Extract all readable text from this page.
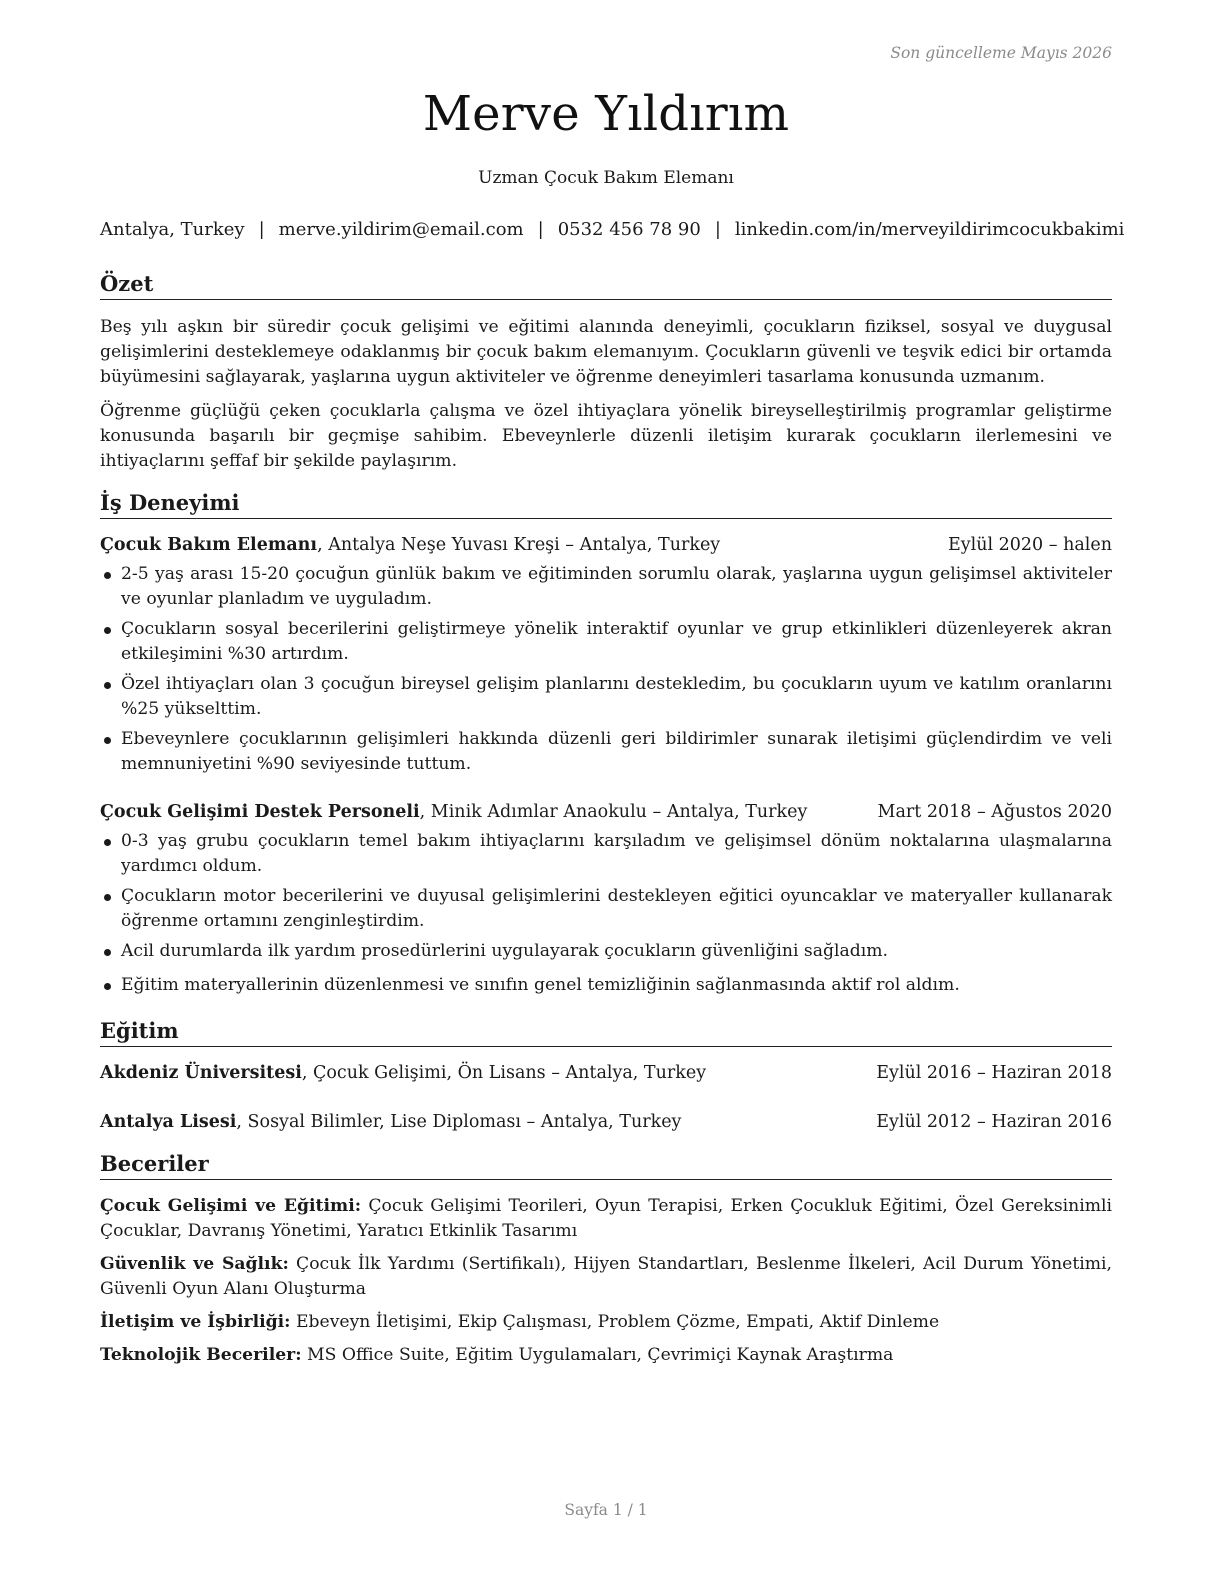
Son güncelleme Mayıs 2026
Merve Yıldırım
Uzman Çocuk Bakım Elemanı
Antalya, Turkey | merve.yildirim@email.com | 0532 456 78 90 | linkedin.com/in/merveyildirimcocukbakimi
Özet

Beş yılı aşkın bir süredir çocuk gelişimi ve eğitimi alanında deneyimli, çocukların fiziksel, sosyal ve duygusal gelişimlerini desteklemeye odaklanmış bir çocuk bakım elemanıyım. Çocukların güvenli ve teşvik edici bir ortamda büyümesini sağlayarak, yaşlarına uygun aktiviteler ve öğrenme deneyimleri tasarlama konusunda uzmanım.

Öğrenme güçlüğü çeken çocuklarla çalışma ve özel ihtiyaçlara yönelik bireyselleştirilmiş programlar geliştirme konusunda başarılı bir geçmişe sahibim. Ebeveynlerle düzenli iletişim kurarak çocukların ilerlemesini ve ihtiyaçlarını şeffaf bir şekilde paylaşırım.

İş Deneyimi
Çocuk Bakım Elemanı, Antalya Neşe Yuvası Kreşi – Antalya, Turkey	Eylül 2020 – halen
2-5 yaş arası 15-20 çocuğun günlük bakım ve eğitiminden sorumlu olarak, yaşlarına uygun gelişimsel aktiviteler ve oyunlar planladım ve uyguladım.
Çocukların sosyal becerilerini geliştirmeye yönelik interaktif oyunlar ve grup etkinlikleri düzenleyerek akran etkileşimini %30 artırdım.
Özel ihtiyaçları olan 3 çocuğun bireysel gelişim planlarını destekledim, bu çocukların uyum ve katılım oranlarını %25 yükselttim.
Ebeveynlere çocuklarının gelişimleri hakkında düzenli geri bildirimler sunarak iletişimi güçlendirdim ve veli memnuniyetini %90 seviyesinde tuttum.
Çocuk Gelişimi Destek Personeli, Minik Adımlar Anaokulu – Antalya, Turkey	Mart 2018 – Ağustos 2020
0-3 yaş grubu çocukların temel bakım ihtiyaçlarını karşıladım ve gelişimsel dönüm noktalarına ulaşmalarına yardımcı oldum.
Çocukların motor becerilerini ve duyusal gelişimlerini destekleyen eğitici oyuncaklar ve materyaller kullanarak öğrenme ortamını zenginleştirdim.
Acil durumlarda ilk yardım prosedürlerini uygulayarak çocukların güvenliğini sağladım.
Eğitim materyallerinin düzenlenmesi ve sınıfın genel temizliğinin sağlanmasında aktif rol aldım.
Eğitim
Akdeniz Üniversitesi, Çocuk Gelişimi, Ön Lisans – Antalya, Turkey	Eylül 2016 – Haziran 2018
Antalya Lisesi, Sosyal Bilimler, Lise Diploması – Antalya, Turkey	Eylül 2012 – Haziran 2016
Beceriler
Çocuk Gelişimi ve Eğitimi: Çocuk Gelişimi Teorileri, Oyun Terapisi, Erken Çocukluk Eğitimi, Özel Gereksinimli Çocuklar, Davranış Yönetimi, Yaratıcı Etkinlik Tasarımı
Güvenlik ve Sağlık: Çocuk İlk Yardımı (Sertifikalı), Hijyen Standartları, Beslenme İlkeleri, Acil Durum Yönetimi, Güvenli Oyun Alanı Oluşturma
İletişim ve İşbirliği: Ebeveyn İletişimi, Ekip Çalışması, Problem Çözme, Empati, Aktif Dinleme
Teknolojik Beceriler: MS Office Suite, Eğitim Uygulamaları, Çevrimiçi Kaynak Araştırma
Sayfa 1 / 1
